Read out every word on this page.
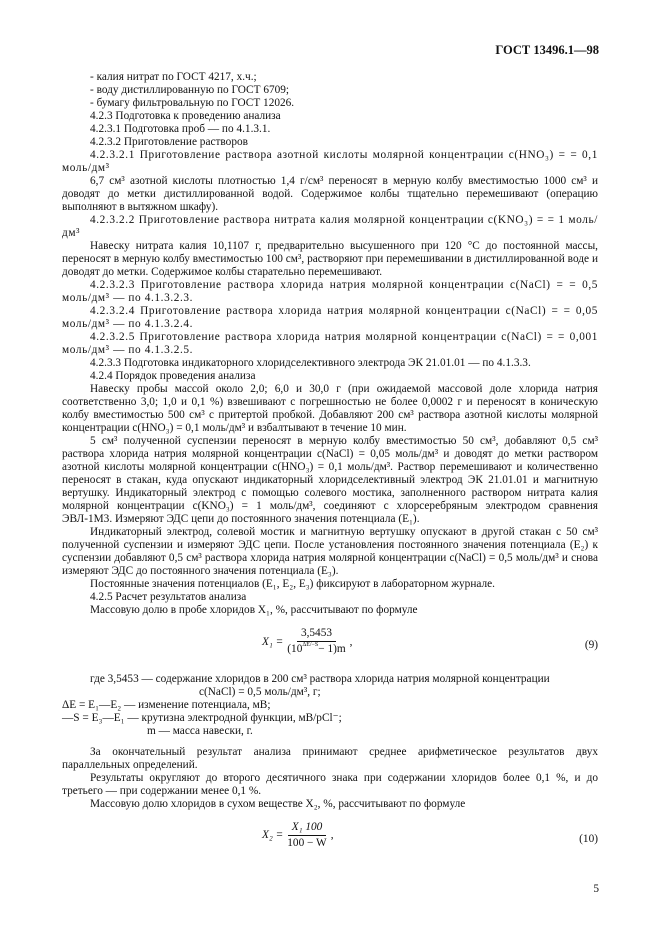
ГОСТ 13496.1—98

- калия нитрат по ГОСТ 4217, х.ч.;

- воду дистиллированную по ГОСТ 6709;

- бумагу фильтровальную по ГОСТ 12026.

4.2.3 Подготовка к проведению анализа

4.2.3.1 Подготовка проб — по 4.1.3.1.

4.2.3.2 Приготовление растворов

4.2.3.2.1 Приготовление раствора азотной кислоты молярной концентрации c(HNO₃) = = 0,1 моль/дм³

6,7 см³ азотной кислоты плотностью 1,4 г/см³ переносят в мерную колбу вместимостью 1000 см³ и доводят до метки дистиллированной водой. Содержимое колбы тщательно перемешивают (операцию выполняют в вытяжном шкафу).

4.2.3.2.2 Приготовление раствора нитрата калия молярной концентрации c(KNO₃) = = 1 моль/дм³

Навеску нитрата калия 10,1107 г, предварительно высушенного при 120 °С до постоянной массы, переносят в мерную колбу вместимостью 100 см³, растворяют при перемешивании в дистиллированной воде и доводят до метки. Содержимое колбы старательно перемешивают.

4.2.3.2.3 Приготовление раствора хлорида натрия молярной концентрации c(NaCl) = = 0,5 моль/дм³ — по 4.1.3.2.3.

4.2.3.2.4 Приготовление раствора хлорида натрия молярной концентрации c(NaCl) = = 0,05 моль/дм³ — по 4.1.3.2.4.

4.2.3.2.5 Приготовление раствора хлорида натрия молярной концентрации c(NaCl) = = 0,001 моль/дм³ — по 4.1.3.2.5.

4.2.3.3 Подготовка индикаторного хлоридселективного электрода ЭК 21.01.01 — по 4.1.3.3.

4.2.4 Порядок проведения анализа

Навеску пробы массой около 2,0; 6,0 и 30,0 г (при ожидаемой массовой доле хлорида натрия соответственно 3,0; 1,0 и 0,1 %) взвешивают с погрешностью не более 0,0002 г и переносят в коническую колбу вместимостью 500 см³ с притертой пробкой. Добавляют 200 см³ раствора азотной кислоты молярной концентрации c(HNO₃) = 0,1 моль/дм³ и взбалтывают в течение 10 мин.

5 см³ полученной суспензии переносят в мерную колбу вместимостью 50 см³, добавляют 0,5 см³ раствора хлорида натрия молярной концентрации c(NaCl) = 0,05 моль/дм³ и доводят до метки раствором азотной кислоты молярной концентрации c(HNO₃) = 0,1 моль/дм³. Раствор перемешивают и количественно переносят в стакан, куда опускают индикаторный хлоридселективный электрод ЭК 21.01.01 и магнитную вертушку. Индикаторный электрод с помощью солевого мостика, заполненного раствором нитрата калия молярной концентрации c(KNO₃) = 1 моль/дм³, соединяют с хлорсеребряным электродом сравнения ЭВЛ-1М3. Измеряют ЭДС цепи до постоянного значения потенциала (E₁).

Индикаторный электрод, солевой мостик и магнитную вертушку опускают в другой стакан с 50 см³ полученной суспензии и измеряют ЭДС цепи. После установления постоянного значения потенциала (E₂) к суспензии добавляют 0,5 см³ раствора хлорида натрия молярной концентрации c(NaCl) = 0,5 моль/дм³ и снова измеряют ЭДС до постоянного значения потенциала (E₃).

Постоянные значения потенциалов (E₁, E₂, E₃) фиксируют в лабораторном журнале.

4.2.5 Расчет результатов анализа

Массовую долю в пробе хлоридов X₁, %, рассчитывают по формуле

$X_1 = \frac{3,5453}{(10^{\Delta E/-S}- 1)m}$ ,	(9)

где 3,5453 — содержание хлоридов в 200 см³ раствора хлорида натрия молярной концентрации

c(NaCl) = 0,5 моль/дм³, г;

ΔE = E₁—E₂ — изменение потенциала, мВ;

—S = E₃—E₁ — крутизна электродной функции, мВ/pCl⁻;

m — масса навески, г.

За окончательный результат анализа принимают среднее арифметическое результатов двух параллельных определений.

Результаты округляют до второго десятичного знака при содержании хлоридов более 0,1 %, и до третьего — при содержании менее 0,1 %.

Массовую долю хлоридов в сухом веществе X₂, %, рассчитывают по формуле

$X_2 = \frac{\text{X₁ 100}}{100 - W}$ ,	(10)
5
